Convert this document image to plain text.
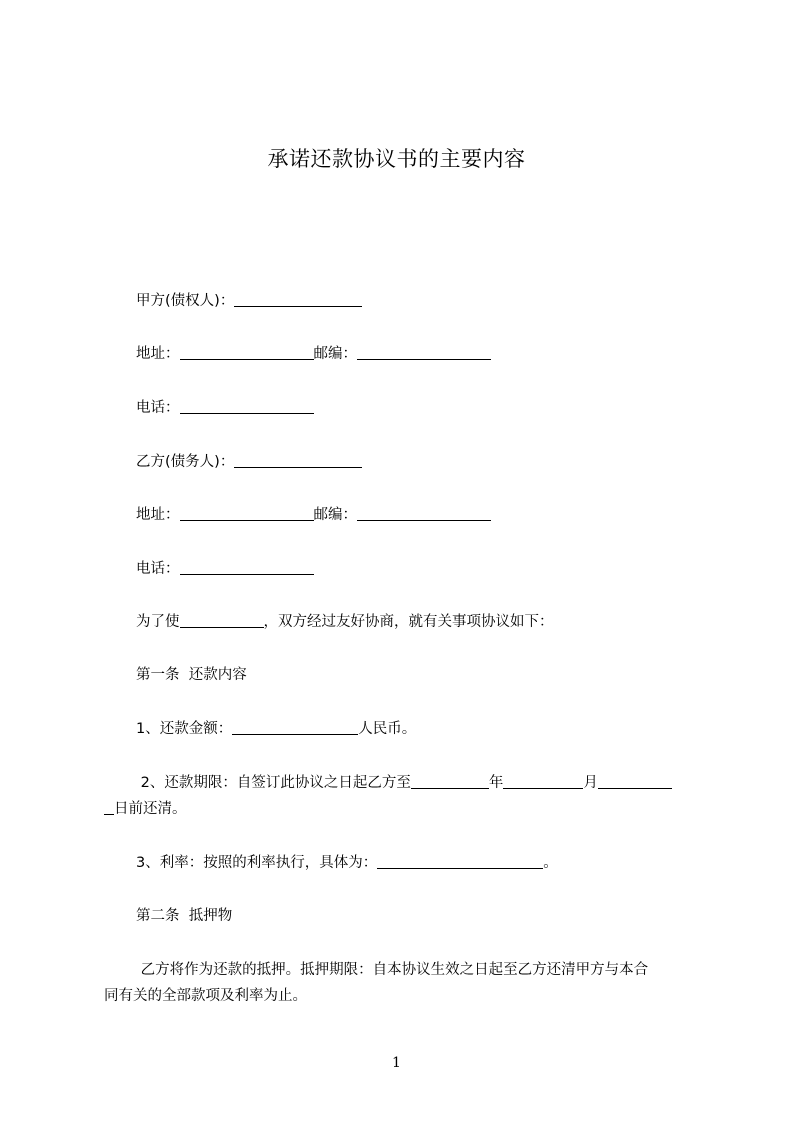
承诺还款协议书的主要内容
甲方(债权人)：
地址：	邮编：
电话：
乙方(债务人)：
地址：	邮编：
电话：
为了使	，双方经过友好协商，就有关事项协议如下：
第一条  还款内容
1、还款金额：	人民币。
2、还款期限：自签订此协议之日起乙方至	年	月
日前还清。
3、利率：按照的利率执行，具体为：	。
第二条  抵押物
乙方将作为还款的抵押。抵押期限：自本协议生效之日起至乙方还清甲方与本合
同有关的全部款项及利率为止。
1
